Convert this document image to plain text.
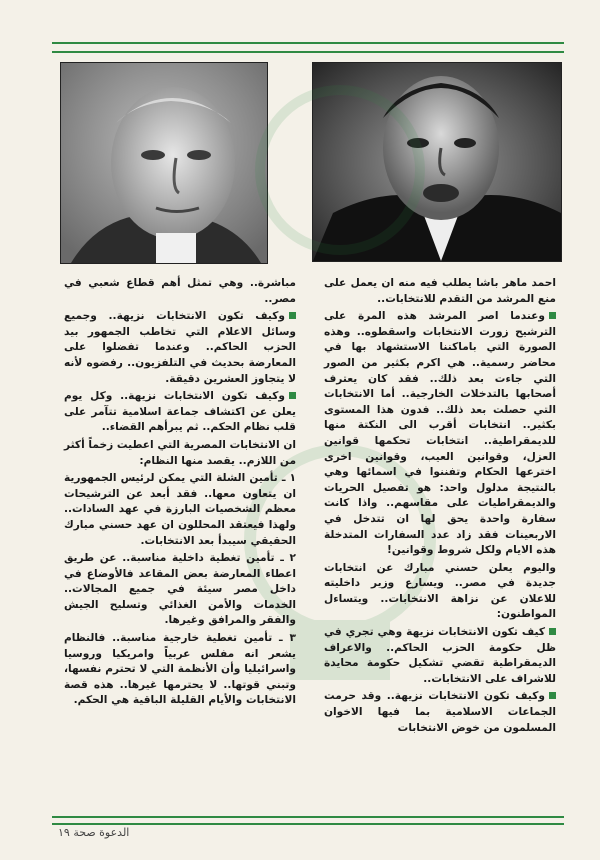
احمد ماهر باشا يطلب فيه منه ان يعمل على منع المرشد من التقدم للانتخابات..

وعندما اصر المرشد هذه المرة على الترشيح زورت الانتخابات واسقطوه.. وهذه الصورة التي باماكننا الاستشهاد بها في محاضر رسمية.. هي اكرم بكثير من الصور التي جاءت بعد ذلك.. فقد كان يعترف أصحابها بالتدخلات الخارجية.. أما الانتخابات التي حصلت بعد ذلك.. فدون هذا المستوى بكثير.. انتخابات أقرب الى النكتة منها للديمقراطية.. انتخابات تحكمها قوانين العزل، وقوانين العيب، وقوانين اخرى اخترعها الحكام وتفننوا في اسمائها وهي بالنتيجة مدلول واحد: هو تفصيل الحريات والديمقراطيات على مقاسهم.. واذا كانت سفارة واحدة يحق لها ان تتدخل في الاربعينات فقد زاد عدد السفارات المتدخلة هذه الايام ولكل شروط وقوانين!

واليوم يعلن حسني مبارك عن انتخابات جديدة في مصر.. ويسارع وزير داخليته للاعلان عن نزاهة الانتخابات.. ويتساءل المواطنون:

كيف تكون الانتخابات نزيهة وهي تجري في ظل حكومة الحزب الحاكم.. والاعراف الديمقراطية تقضي تشكيل حكومة محايدة للاشراف على الانتخابات..

وكيف تكون الانتخابات نزيهة.. وقد حرمت الجماعات الاسلامية بما فيها الاخوان المسلمون من خوض الانتخابات

مباشرة.. وهي تمثل أهم قطاع شعبي في مصر..

وكيف تكون الانتخابات نزيهة.. وجميع وسائل الاعلام التي تخاطب الجمهور بيد الحزب الحاكم.. وعندما تفضلوا على المعارضة بحديث في التلفزيون.. رفضوه لأنه لا يتجاوز العشرين دقيقة.

وكيف تكون الانتخابات نزيهة.. وكل يوم يعلن عن اكتشاف جماعة اسلامية تتآمر على قلب نظام الحكم.. ثم يبرأهم القضاء..

ان الانتخابات المصرية التي اعطيت زخماً أكثر من اللازم.. يقصد منها النظام:

١ ـ تأمين الشلة التي يمكن لرئيس الجمهورية ان يتعاون معها.. فقد أبعد عن الترشيحات معظم الشخصيات البارزة في عهد السادات.. ولهذا فيعتقد المحللون ان عهد حسني مبارك الحقيقي سيبدأ بعد الانتخابات.

٢ ـ تأمين تغطية داخلية مناسبة.. عن طريق اعطاء المعارضة بعض المقاعد فالأوضاع في داخل مصر سيئة في جميع المجالات.. الخدمات والأمن الغذائي وتسليح الجيش والفقر والمرافق وغيرها.

٣ ـ تأمين تغطية خارجية مناسبة.. فالنظام يشعر انه مفلس عربياً وامريكيا وروسيا واسرائيليا وأن الأنظمة التي لا تحترم نفسها، وتبني قوتها.. لا يحترمها غيرها.. هذه قصة الانتخابات والأيام القليلة الباقية هي الحكم.

الدعوة صحة ١٩
